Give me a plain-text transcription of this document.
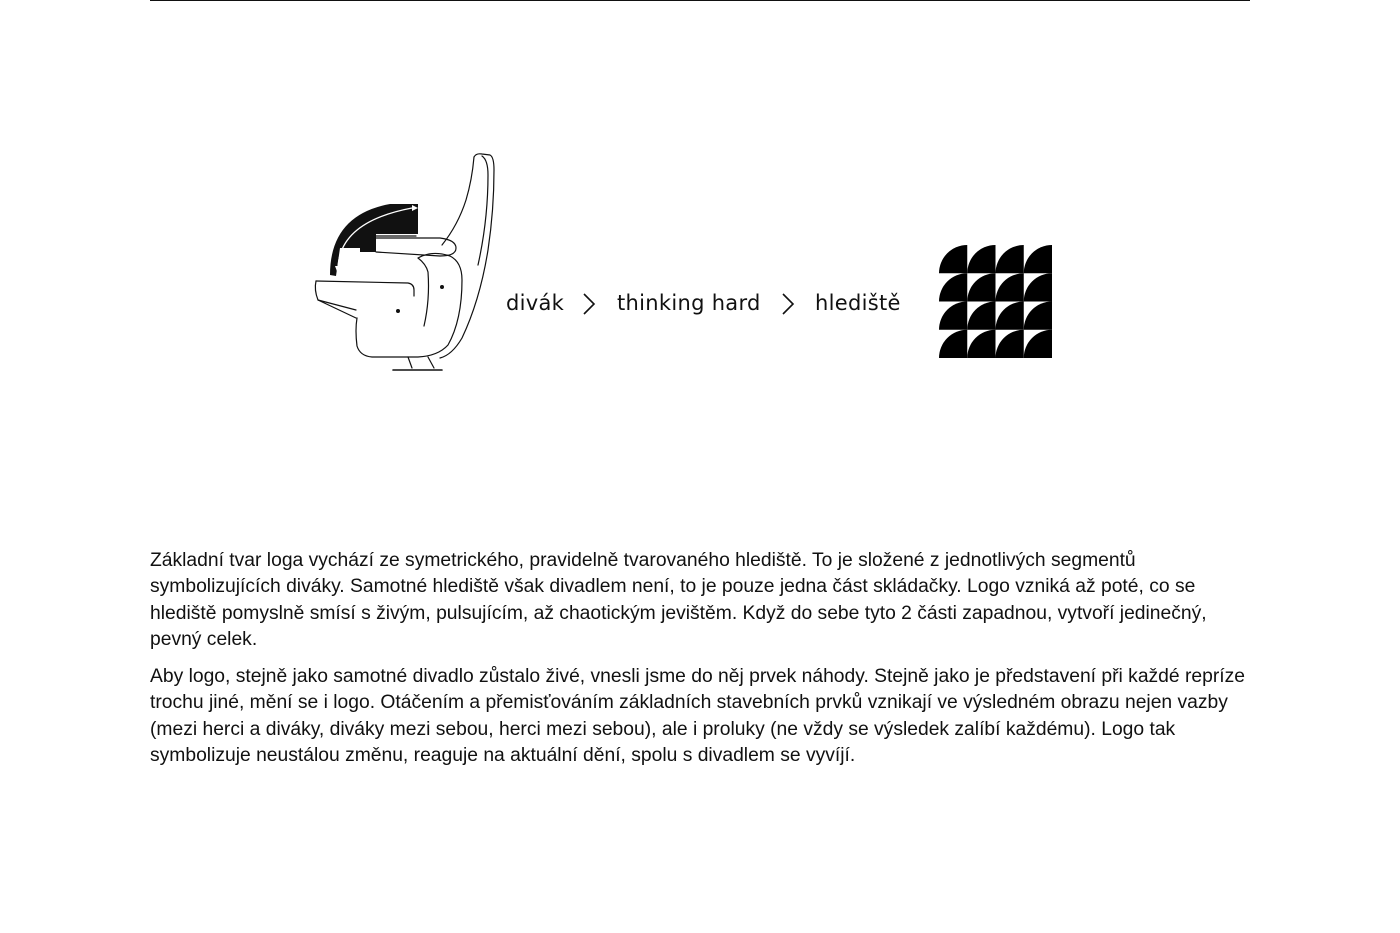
divák	thinking hard	hlediště

Základní tvar loga vychází ze symetrického, pravidelně tvarovaného hlediště. To je složené z jednotlivých segmentů symbolizujících diváky. Samotné hlediště však divadlem není, to je pouze jedna část skládačky. Logo vzniká až poté, co se hlediště pomyslně smísí s živým, pulsujícím, až chaotickým jevištěm. Když do sebe tyto 2 části zapadnou, vytvoří jedinečný, pevný celek.

Aby logo, stejně jako samotné divadlo zůstalo živé, vnesli jsme do něj prvek náhody. Stejně jako je představení při každé repríze trochu jiné, mění se i logo. Otáčením a přemisťováním základních stavebních prvků vznikají ve výsledném obrazu nejen vazby (mezi herci a diváky, diváky mezi sebou, herci mezi sebou), ale i proluky (ne vždy se výsledek zalíbí každému). Logo tak symbolizuje neustálou změnu, reaguje na aktuální dění, spolu s divadlem se vyvíjí.
